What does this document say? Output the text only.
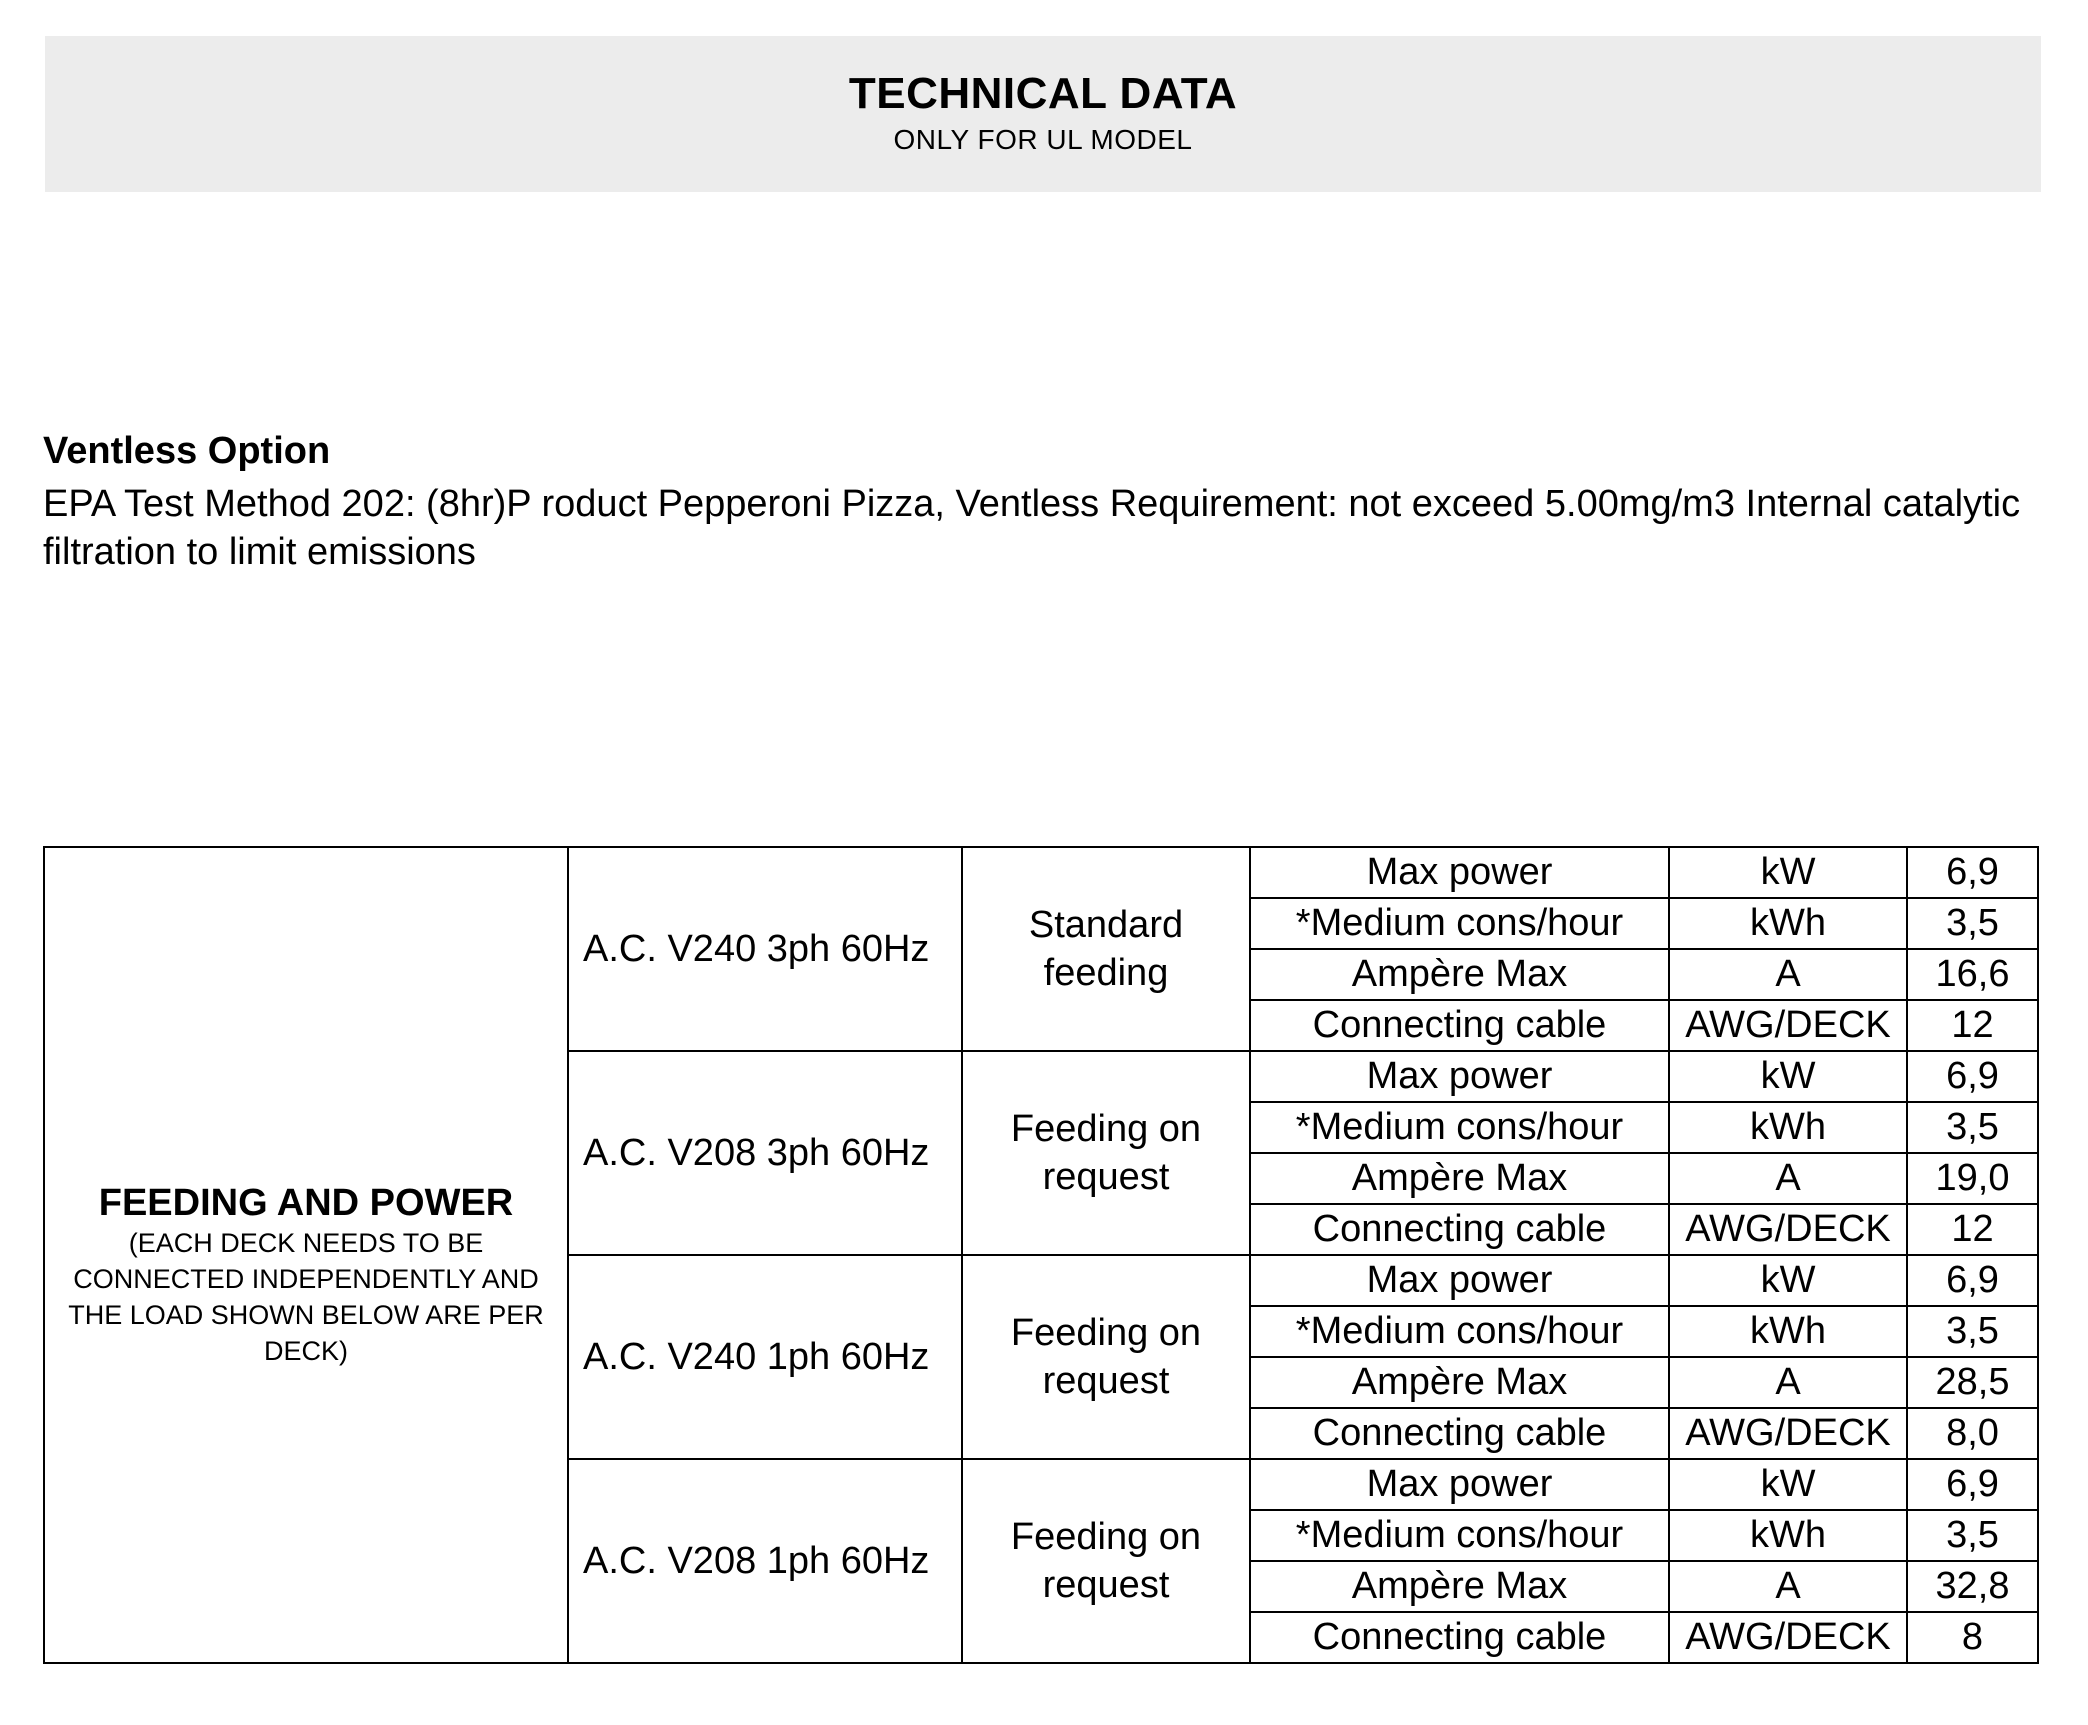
TECHNICAL DATA
ONLY FOR UL MODEL
Ventless Option
EPA Test Method 202: (8hr)P roduct Pepperoni Pizza, Ventless Requirement: not exceed 5.00mg/m3 Internal catalytic filtration to limit emissions
FEEDING AND POWER
(EACH DECK NEEDS TO BE CONNECTED INDEPENDENTLY AND THE LOAD SHOWN BELOW ARE PER DECK)	A.C. V240 3ph 60Hz	Standard feeding	Max power	kW	6,9
			*Medium cons/hour	kWh	3,5
			Ampère Max	A	16,6
			Connecting cable	AWG/DECK	12
	A.C. V208 3ph 60Hz	Feeding on request	Max power	kW	6,9
			*Medium cons/hour	kWh	3,5
			Ampère Max	A	19,0
			Connecting cable	AWG/DECK	12
	A.C. V240 1ph 60Hz	Feeding on request	Max power	kW	6,9
			*Medium cons/hour	kWh	3,5
			Ampère Max	A	28,5
			Connecting cable	AWG/DECK	8,0
	A.C. V208 1ph 60Hz	Feeding on request	Max power	kW	6,9
			*Medium cons/hour	kWh	3,5
			Ampère Max	A	32,8
			Connecting cable	AWG/DECK	8
